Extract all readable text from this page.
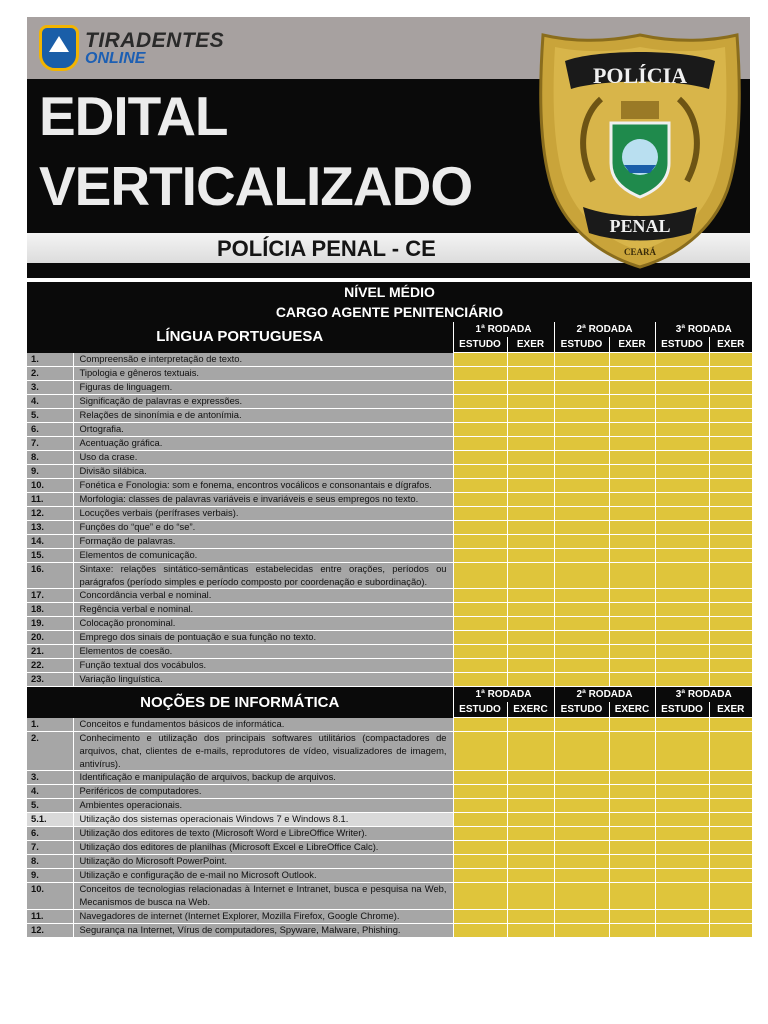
TIRADENTES
ONLINE
EDITAL
VERTICALIZADO
POLÍCIA PENAL - CE
POLÍCIA
PENAL
CEARÁ
NÍVEL MÉDIO							
CARGO AGENTE PENITENCIÁRIO							
LÍNGUA PORTUGUESA		1ª RODADA		2ª RODADA		3ª RODADA	
		ESTUDO	EXER	ESTUDO	EXER	ESTUDO	EXER
1.	Compreensão e interpretação de texto.						
2.	Tipologia e gêneros textuais.						
3.	Figuras de linguagem.						
4.	Significação de palavras e expressões.						
5.	Relações de sinonímia e de antonímia.						
6.	Ortografia.						
7.	Acentuação gráfica.						
8.	Uso da crase.						
9.	Divisão silábica.						
10.	Fonética e Fonologia: som e fonema, encontros vocálicos e consonantais e dígrafos.						
11.	Morfologia: classes de palavras variáveis e invariáveis e seus empregos no texto.						
12.	Locuções verbais (perífrases verbais).						
13.	Funções do “que” e do “se”.						
14.	Formação de palavras.						
15.	Elementos de comunicação.						
16.	Sintaxe: relações sintático-semânticas estabelecidas entre orações, períodos ou parágrafos (período simples e período composto por coordenação e subordinação).						
17.	Concordância verbal e nominal.						
18.	Regência verbal e nominal.						
19.	Colocação pronominal.						
20.	Emprego dos sinais de pontuação e sua função no texto.						
21.	Elementos de coesão.						
22.	Função textual dos vocábulos.						
23.	Variação linguística.						
NOÇÕES DE INFORMÁTICA		1ª RODADA		2ª RODADA		3ª RODADA	
		ESTUDO	EXERC	ESTUDO	EXERC	ESTUDO	EXER
1.	Conceitos e fundamentos básicos de informática.						
2.	Conhecimento e utilização dos principais softwares utilitários (compactadores de arquivos, chat, clientes de e-mails, reprodutores de vídeo, visualizadores de imagem, antivírus).						
3.	Identificação e manipulação de arquivos, backup de arquivos.						
4.	Periféricos de computadores.						
5.	Ambientes operacionais.						
5.1.	Utilização dos sistemas operacionais Windows 7 e Windows 8.1.						
6.	Utilização dos editores de texto (Microsoft Word e LibreOffice Writer).						
7.	Utilização dos editores de planilhas (Microsoft Excel e LibreOffice Calc).						
8.	Utilização do Microsoft PowerPoint.						
9.	Utilização e configuração de e-mail no Microsoft Outlook.						
10.	Conceitos de tecnologias relacionadas à Internet e Intranet, busca e pesquisa na Web, Mecanismos de busca na Web.						
11.	Navegadores de internet (Internet Explorer, Mozilla Firefox, Google Chrome).						
12.	Segurança na Internet, Vírus de computadores, Spyware, Malware, Phishing.						
